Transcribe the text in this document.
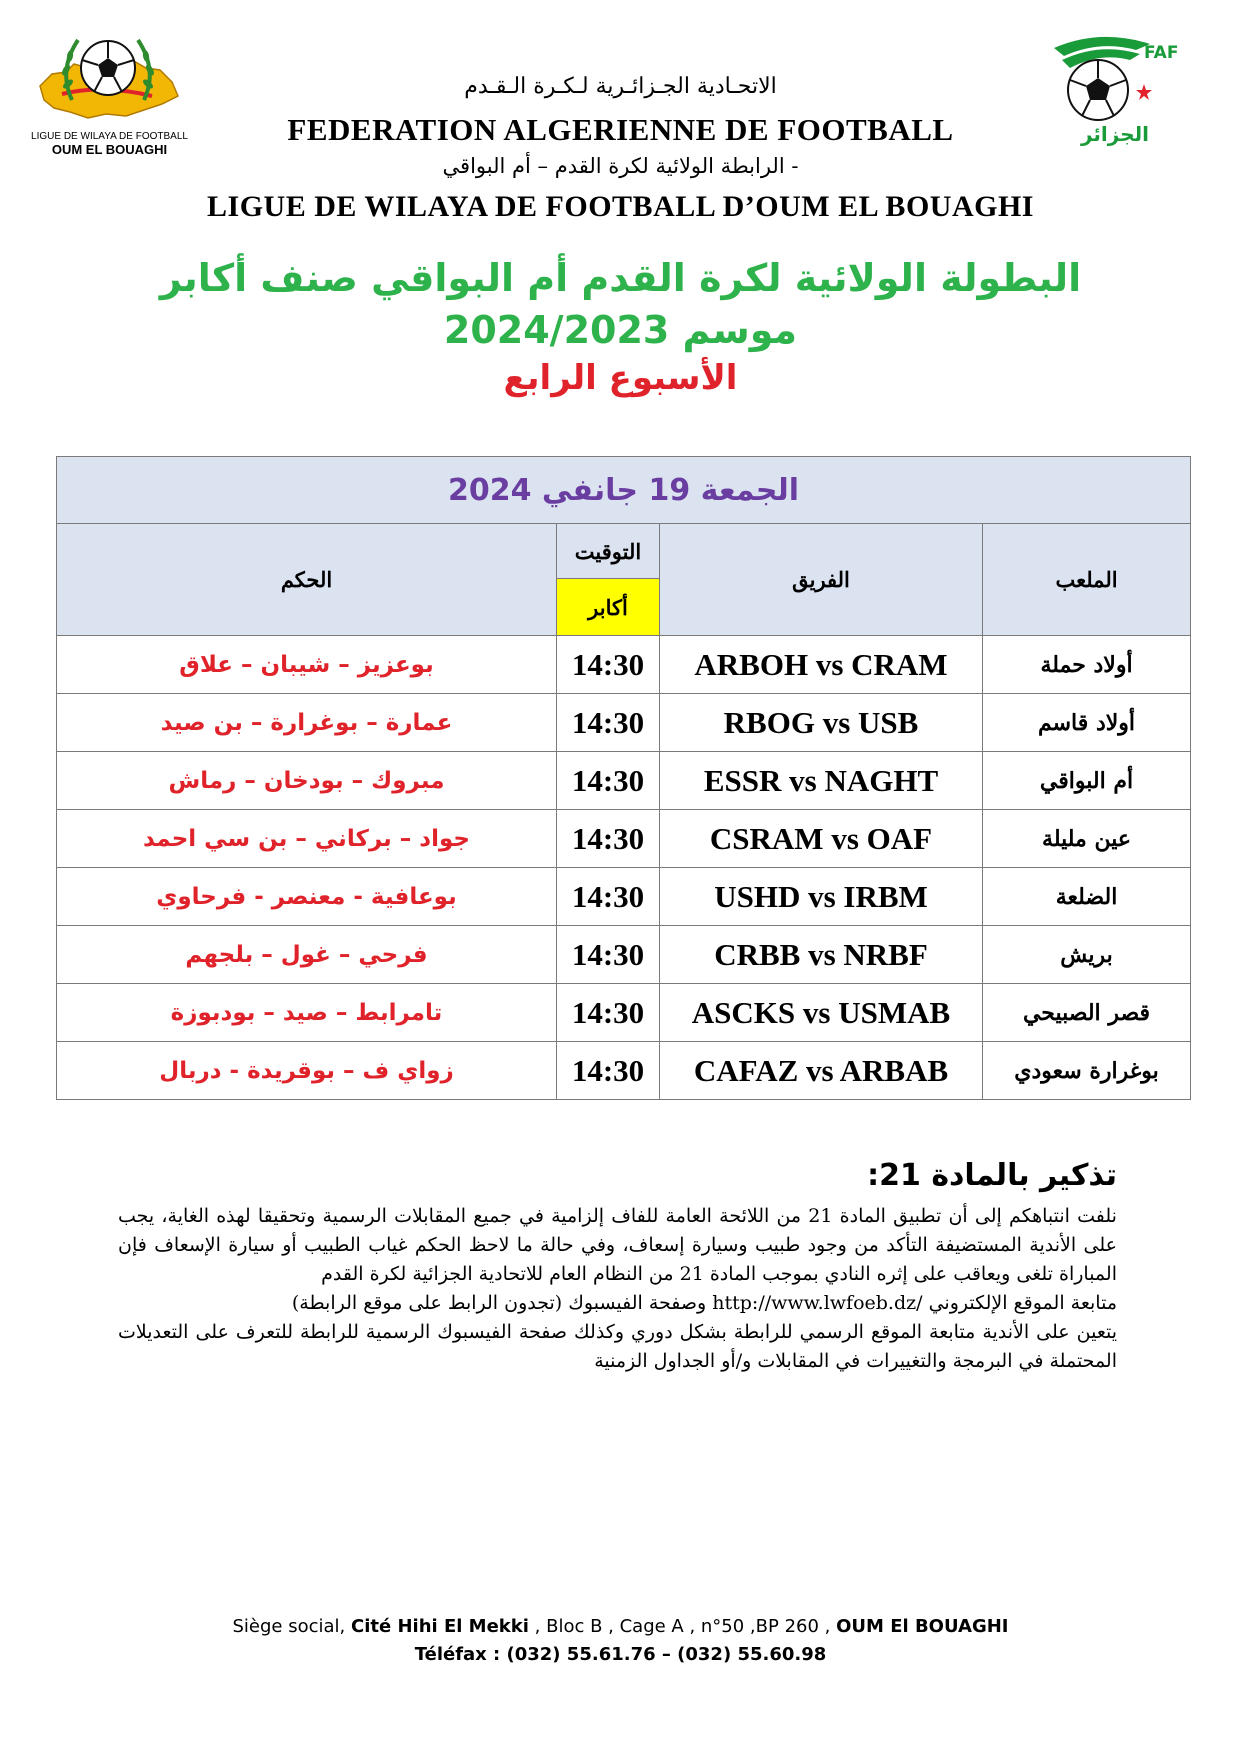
LIGUE DE WILAYA DE FOOTBALL
OUM EL BOUAGHI
FAF
الجزائر
الاتحـادية الجـزائـرية لـكـرة الـقـدم
FEDERATION ALGERIENNE DE FOOTBALL
الرابطة الولائية لكرة القدم – أم البواقي -
LIGUE DE WILAYA DE FOOTBALL D’OUM EL BOUAGHI
البطولة الولائية لكرة القدم أم البواقي صنف أكابر
موسم 2024/2023
الأسبوع الرابع
الجمعة 19 جانفي 2024			
الحكم	التوقيت	الفريق	الملعب
	أكابر		
بوعزيز – شيبان – علاق	14:30	ARBOH vs CRAM	أولاد حملة
عمارة – بوغرارة – بن صيد	14:30	RBOG vs USB	أولاد قاسم
مبروك – بودخان – رماش	14:30	ESSR vs NAGHT	أم البواقي
جواد – بركاني – بن سي احمد	14:30	CSRAM vs OAF	عين مليلة
بوعافية - معنصر - فرحاوي	14:30	USHD vs IRBM	الضلعة
فرحي – غول – بلجهم	14:30	CRBB vs NRBF	بريش
تامرابط – صيد – بودبوزة	14:30	ASCKS vs USMAB	قصر الصبيحي
زواي ف – بوقريدة - دربال	14:30	CAFAZ vs ARBAB	بوغرارة سعودي
تذكير بالمادة 21:

نلفت انتباهكم إلى أن تطبيق المادة 21 من اللائحة العامة للفاف إلزامية في جميع المقابلات الرسمية وتحقيقا لهذه الغاية، يجب على الأندية المستضيفة التأكد من وجود طبيب وسيارة إسعاف، وفي حالة ما لاحظ الحكم غياب الطبيب أو سيارة الإسعاف فإن المباراة تلغى ويعاقب على إثره النادي بموجب المادة 21 من النظام العام للاتحادية الجزائية لكرة القدم

متابعة الموقع الإلكتروني /http://www.lwfoeb.dz وصفحة الفيسبوك (تجدون الرابط على موقع الرابطة)

يتعين على الأندية متابعة الموقع الرسمي للرابطة بشكل دوري وكذلك صفحة الفيسبوك الرسمية للرابطة للتعرف على التعديلات المحتملة في البرمجة والتغييرات في المقابلات و/أو الجداول الزمنية

Siège social, Cité Hihi El Mekki , Bloc B , Cage A , n°50 ,BP 260 , OUM El BOUAGHI
Téléfax : (032) 55.61.76 – (032) 55.60.98
